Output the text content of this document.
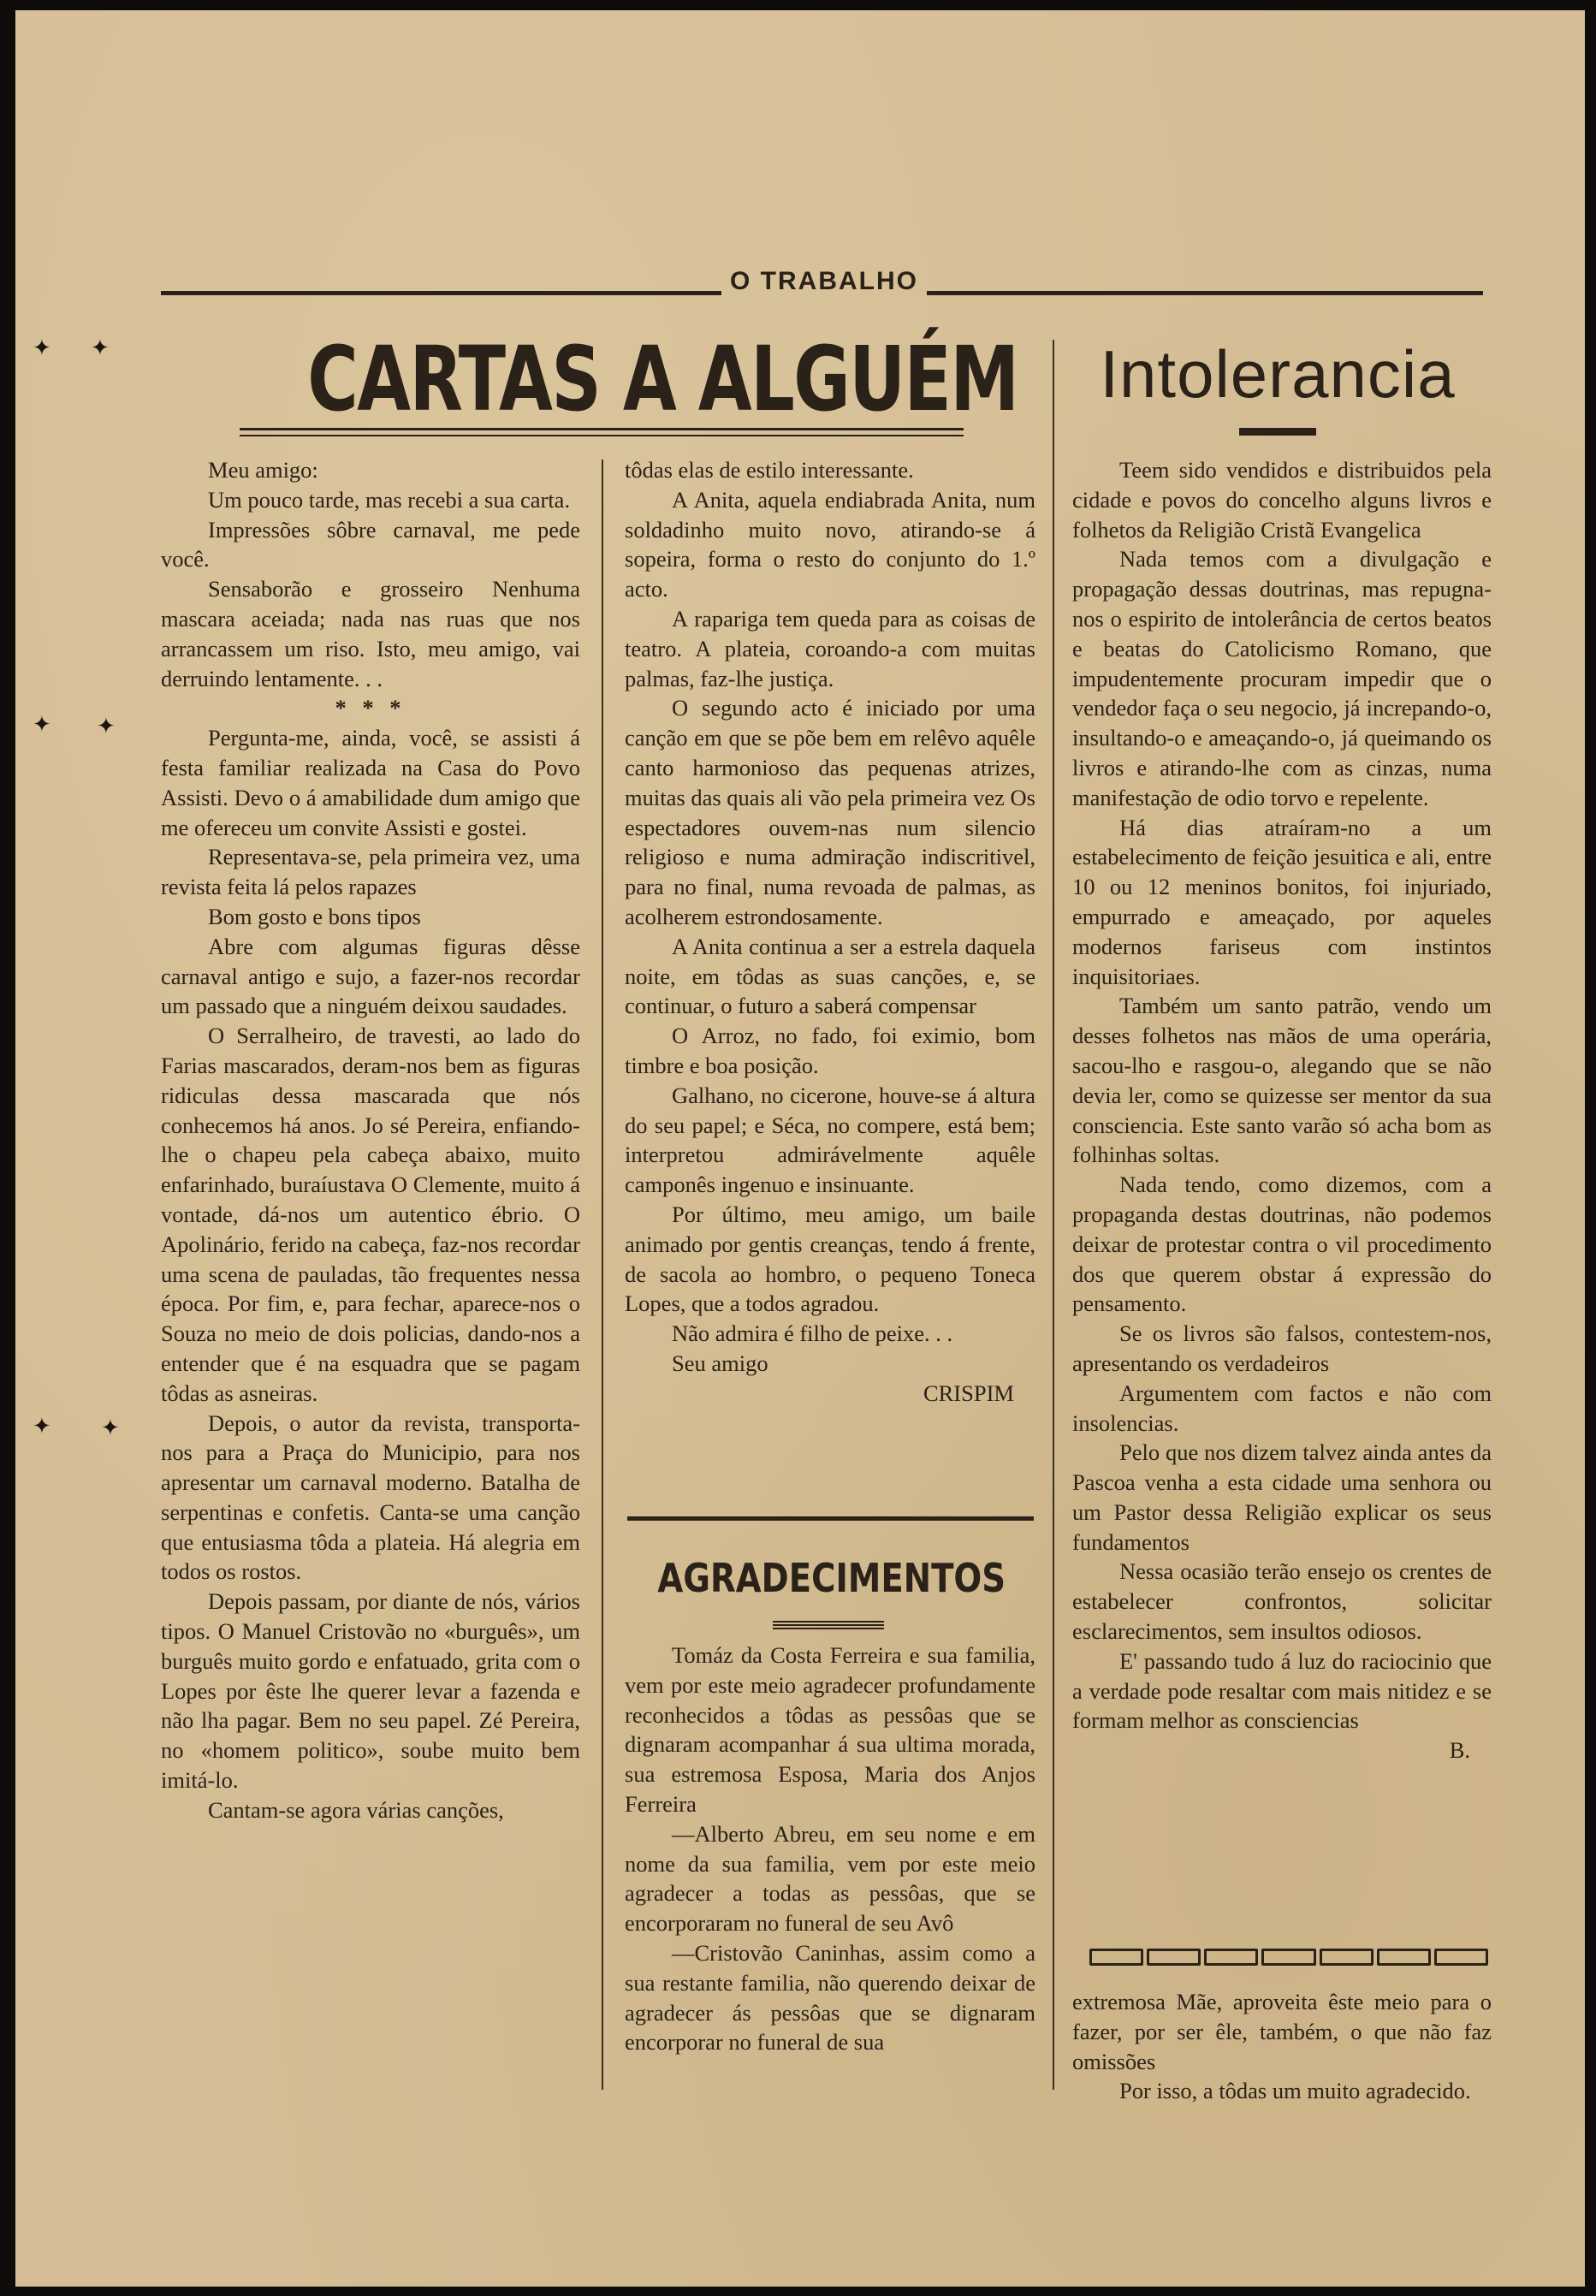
✦ ✦
✦ ✦
✦ ✦
O TRABALHO
CARTAS A ALGUÉM	Intolerancia

Meu amigo:

Um pouco tarde, mas recebi a sua carta.

Impressões sôbre carnaval, me pede você.

Sensaborão e grosseiro Nenhuma mascara aceiada; nada nas ruas que nos arrancassem um riso. Isto, meu amigo, vai derruindo lentamente. . .

* * *

Pergunta-me, ainda, você, se assisti á festa familiar realizada na Casa do Povo Assisti. Devo o á amabilidade dum amigo que me ofereceu um convite Assisti e gostei.

Representava-se, pela primeira vez, uma revista feita lá pelos rapazes

Bom gosto e bons tipos

Abre com algumas figuras dêsse carnaval antigo e sujo, a fazer-nos recordar um passado que a ninguém deixou saudades.

O Serralheiro, de travesti, ao lado do Farias mascarados, deram-nos bem as figuras ridiculas dessa mascarada que nós conhecemos há anos. Jo sé Pereira, enfiando-lhe o chapeu pela cabeça abaixo, muito enfarinhado, buraíustava O Clemente, muito á vontade, dá-nos um autentico ébrio. O Apolinário, ferido na cabeça, faz-nos recordar uma scena de pauladas, tão frequentes nessa época. Por fim, e, para fechar, aparece-nos o Souza no meio de dois policias, dando-nos a entender que é na esquadra que se pagam tôdas as asneiras.

Depois, o autor da revista, transporta-nos para a Praça do Municipio, para nos apresentar um carnaval moderno. Batalha de serpentinas e confetis. Canta-se uma canção que entusiasma tôda a plateia. Há alegria em todos os rostos.

Depois passam, por diante de nós, vários tipos. O Manuel Cristovão no «burguês», um burguês muito gordo e enfatuado, grita com o Lopes por êste lhe querer levar a fazenda e não lha pagar. Bem no seu papel. Zé Pereira, no «homem politico», soube muito bem imitá-lo.

Cantam-se agora várias canções,

tôdas elas de estilo interessante.

A Anita, aquela endiabrada Anita, num soldadinho muito novo, atirando-se á sopeira, forma o resto do conjunto do 1.º acto.

A rapariga tem queda para as coisas de teatro. A plateia, coroando-a com muitas palmas, faz-lhe justiça.

O segundo acto é iniciado por uma canção em que se põe bem em relêvo aquêle canto harmonioso das pequenas atrizes, muitas das quais ali vão pela primeira vez Os espectadores ouvem-nas num silencio religioso e numa admiração indiscritivel, para no final, numa revoada de palmas, as acolherem estrondosamente.

A Anita continua a ser a estrela daquela noite, em tôdas as suas canções, e, se continuar, o futuro a saberá compensar

O Arroz, no fado, foi eximio, bom timbre e boa posição.

Galhano, no cicerone, houve-se á altura do seu papel; e Séca, no compere, está bem; interpretou admirávelmente aquêle camponês ingenuo e insinuante.

Por último, meu amigo, um baile animado por gentis creanças, tendo á frente, de sacola ao hombro, o pequeno Toneca Lopes, que a todos agradou.

Não admira é filho de peixe. . .

Seu amigo

CRISPIM

AGRADECIMENTOS

Tomáz da Costa Ferreira e sua familia, vem por este meio agradecer profundamente reconhecidos a tôdas as pessôas que se dignaram acompanhar á sua ultima morada, sua estremosa Esposa, Maria dos Anjos Ferreira

—Alberto Abreu, em seu nome e em nome da sua familia, vem por este meio agradecer a todas as pessôas, que se encorporaram no funeral de seu Avô

—Cristovão Caninhas, assim como a sua restante familia, não querendo deixar de agradecer ás pessôas que se dignaram encorporar no funeral de sua

Teem sido vendidos e distribuidos pela cidade e povos do concelho alguns livros e folhetos da Religião Cristã Evangelica

Nada temos com a divulgação e propagação dessas doutrinas, mas repugna-nos o espirito de intolerância de certos beatos e beatas do Catolicismo Romano, que impudentemente procuram impedir que o vendedor faça o seu negocio, já increpando-o, insultando-o e ameaçando-o, já queimando os livros e atirando-lhe com as cinzas, numa manifestação de odio torvo e repelente.

Há dias atraíram-no a um estabelecimento de feição jesuitica e ali, entre 10 ou 12 meninos bonitos, foi injuriado, empurrado e ameaçado, por aqueles modernos fariseus com instintos inquisitoriaes.

Também um santo patrão, vendo um desses folhetos nas mãos de uma operária, sacou-lho e rasgou-o, alegando que se não devia ler, como se quizesse ser mentor da sua consciencia. Este santo varão só acha bom as folhinhas soltas.

Nada tendo, como dizemos, com a propaganda destas doutrinas, não podemos deixar de protestar contra o vil procedimento dos que querem obstar á expressão do pensamento.

Se os livros são falsos, contestem-nos, apresentando os verdadeiros

Argumentem com factos e não com insolencias.

Pelo que nos dizem talvez ainda antes da Pascoa venha a esta cidade uma senhora ou um Pastor dessa Religião explicar os seus fundamentos

Nessa ocasião terão ensejo os crentes de estabelecer confrontos, solicitar esclarecimentos, sem insultos odiosos.

E' passando tudo á luz do raciocinio que a verdade pode resaltar com mais nitidez e se formam melhor as consciencias

B.

extremosa Mãe, aproveita êste meio para o fazer, por ser êle, também, o que não faz omissões

Por isso, a tôdas um muito agradecido.
